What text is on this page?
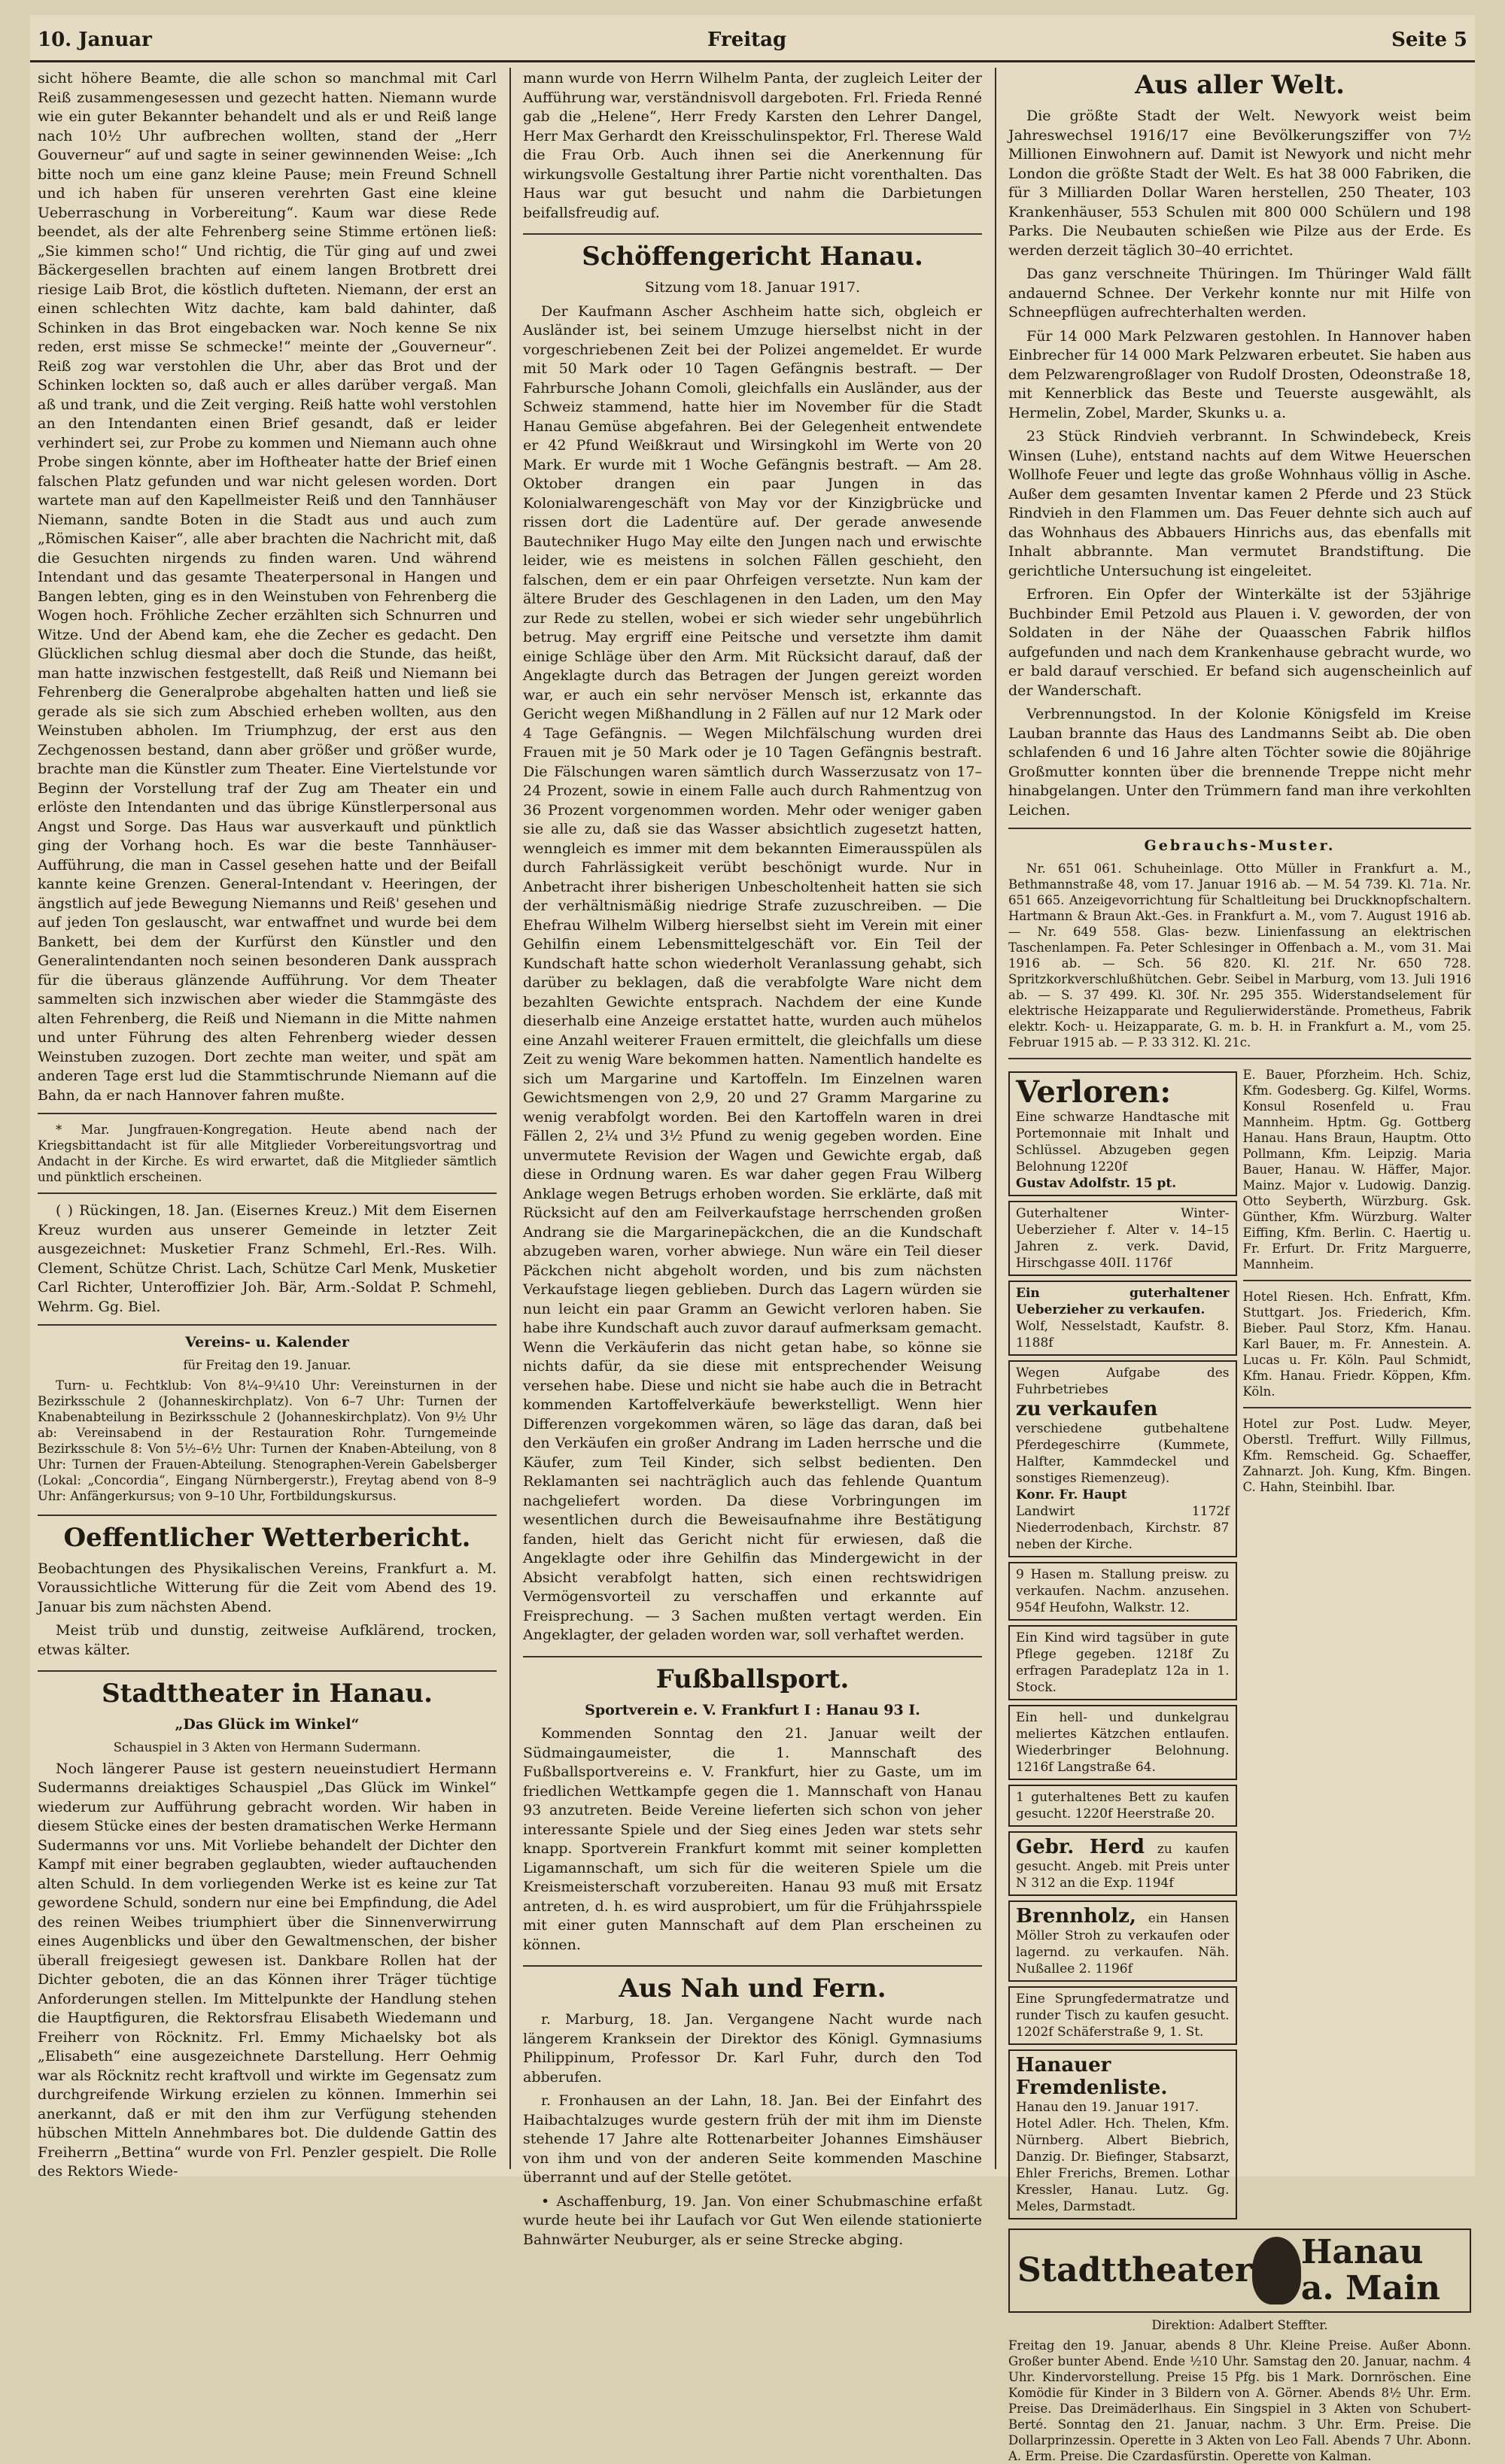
10. Januar	Freitag	Seite 5

sicht höhere Beamte, die alle schon so manchmal mit Carl Reiß zusammengesessen und gezecht hatten. Niemann wurde wie ein guter Bekannter behandelt und als er und Reiß lange nach 10½ Uhr aufbrechen wollten, stand der „Herr Gouverneur“ auf und sagte in seiner gewinnenden Weise: „Ich bitte noch um eine ganz kleine Pause; mein Freund Schnell und ich haben für unseren verehrten Gast eine kleine Ueberraschung in Vorbereitung“. Kaum war diese Rede beendet, als der alte Fehrenberg seine Stimme ertönen ließ: „Sie kimmen scho!“ Und richtig, die Tür ging auf und zwei Bäckergesellen brachten auf einem langen Brotbrett drei riesige Laib Brot, die köstlich dufteten. Niemann, der erst an einen schlechten Witz dachte, kam bald dahinter, daß Schinken in das Brot eingebacken war. Noch kenne Se nix reden, erst misse Se schmecke!“ meinte der „Gouverneur“. Reiß zog war verstohlen die Uhr, aber das Brot und der Schinken lockten so, daß auch er alles darüber vergaß. Man aß und trank, und die Zeit verging. Reiß hatte wohl verstohlen an den Intendanten einen Brief gesandt, daß er leider verhindert sei, zur Probe zu kommen und Niemann auch ohne Probe singen könnte, aber im Hoftheater hatte der Brief einen falschen Platz gefunden und war nicht gelesen worden. Dort wartete man auf den Kapellmeister Reiß und den Tannhäuser Niemann, sandte Boten in die Stadt aus und auch zum „Römischen Kaiser“, alle aber brachten die Nachricht mit, daß die Gesuchten nirgends zu finden waren. Und während Intendant und das gesamte Theaterpersonal in Hangen und Bangen lebten, ging es in den Weinstuben von Fehrenberg die Wogen hoch. Fröhliche Zecher erzählten sich Schnurren und Witze. Und der Abend kam, ehe die Zecher es gedacht. Den Glücklichen schlug diesmal aber doch die Stunde, das heißt, man hatte inzwischen festgestellt, daß Reiß und Niemann bei Fehrenberg die Generalprobe abgehalten hatten und ließ sie gerade als sie sich zum Abschied erheben wollten, aus den Weinstuben abholen. Im Triumphzug, der erst aus den Zechgenossen bestand, dann aber größer und größer wurde, brachte man die Künstler zum Theater. Eine Viertelstunde vor Beginn der Vorstellung traf der Zug am Theater ein und erlöste den Intendanten und das übrige Künstlerpersonal aus Angst und Sorge. Das Haus war ausverkauft und pünktlich ging der Vorhang hoch. Es war die beste Tannhäuser-Aufführung, die man in Cassel gesehen hatte und der Beifall kannte keine Grenzen. General-Intendant v. Heeringen, der ängstlich auf jede Bewegung Niemanns und Reiß' gesehen und auf jeden Ton geslauscht, war entwaffnet und wurde bei dem Bankett, bei dem der Kurfürst den Künstler und den Generalintendanten noch seinen besonderen Dank aussprach für die überaus glänzende Aufführung. Vor dem Theater sammelten sich inzwischen aber wieder die Stammgäste des alten Fehrenberg, die Reiß und Niemann in die Mitte nahmen und unter Führung des alten Fehrenberg wieder dessen Weinstuben zuzogen. Dort zechte man weiter, und spät am anderen Tage erst lud die Stammtischrunde Niemann auf die Bahn, da er nach Hannover fahren mußte.

* Mar. Jungfrauen-Kongregation. Heute abend nach der Kriegsbittandacht ist für alle Mitglieder Vorbereitungsvortrag und Andacht in der Kirche. Es wird erwartet, daß die Mitglieder sämtlich und pünktlich erscheinen.

( ) Rückingen, 18. Jan. (Eisernes Kreuz.) Mit dem Eisernen Kreuz wurden aus unserer Gemeinde in letzter Zeit ausgezeichnet: Musketier Franz Schmehl, Erl.-Res. Wilh. Clement, Schütze Christ. Lach, Schütze Carl Menk, Musketier Carl Richter, Unteroffizier Joh. Bär, Arm.-Soldat P. Schmehl, Wehrm. Gg. Biel.

Vereins- u. Kalender
für Freitag den 19. Januar.

Turn- u. Fechtklub: Von 8¼–9¼10 Uhr: Vereinsturnen in der Bezirksschule 2 (Johanneskirchplatz). Von 6–7 Uhr: Turnen der Knabenabteilung in Bezirksschule 2 (Johanneskirchplatz). Von 9½ Uhr ab: Vereinsabend in der Restauration Rohr. Turngemeinde Bezirksschule 8: Von 5½–6½ Uhr: Turnen der Knaben-Abteilung, von 8 Uhr: Turnen der Frauen-Abteilung. Stenographen-Verein Gabelsberger (Lokal: „Concordia“, Eingang Nürnbergerstr.), Freytag abend von 8–9 Uhr: Anfängerkursus; von 9–10 Uhr, Fortbildungskursus.

Oeffentlicher Wetterbericht.

Beobachtungen des Physikalischen Vereins, Frankfurt a. M. Voraussichtliche Witterung für die Zeit vom Abend des 19. Januar bis zum nächsten Abend.

Meist trüb und dunstig, zeitweise Aufklärend, trocken, etwas kälter.

Stadttheater in Hanau.
„Das Glück im Winkel“
Schauspiel in 3 Akten von Hermann Sudermann.

Noch längerer Pause ist gestern neueinstudiert Hermann Sudermanns dreiaktiges Schauspiel „Das Glück im Winkel“ wiederum zur Aufführung gebracht worden. Wir haben in diesem Stücke eines der besten dramatischen Werke Hermann Sudermanns vor uns. Mit Vorliebe behandelt der Dichter den Kampf mit einer begraben geglaubten, wieder auftauchenden alten Schuld. In dem vorliegenden Werke ist es keine zur Tat gewordene Schuld, sondern nur eine bei Empfindung, die Adel des reinen Weibes triumphiert über die Sinnenverwirrung eines Augenblicks und über den Gewaltmenschen, der bisher überall freigesiegt gewesen ist. Dankbare Rollen hat der Dichter geboten, die an das Können ihrer Träger tüchtige Anforderungen stellen. Im Mittelpunkte der Handlung stehen die Hauptfiguren, die Rektorsfrau Elisabeth Wiedemann und Freiherr von Röcknitz. Frl. Emmy Michaelsky bot als „Elisabeth“ eine ausgezeichnete Darstellung. Herr Oehmig war als Röcknitz recht kraftvoll und wirkte im Gegensatz zum durchgreifende Wirkung erzielen zu können. Immerhin sei anerkannt, daß er mit den ihm zur Verfügung stehenden hübschen Mitteln Annehmbares bot. Die duldende Gattin des Freiherrn „Bettina“ wurde von Frl. Penzler gespielt. Die Rolle des Rektors Wiede-

mann wurde von Herrn Wilhelm Panta, der zugleich Leiter der Aufführung war, verständnisvoll dargeboten. Frl. Frieda Renné gab die „Helene“, Herr Fredy Karsten den Lehrer Dangel, Herr Max Gerhardt den Kreisschulinspektor, Frl. Therese Wald die Frau Orb. Auch ihnen sei die Anerkennung für wirkungsvolle Gestaltung ihrer Partie nicht vorenthalten. Das Haus war gut besucht und nahm die Darbietungen beifallsfreudig auf.

Schöffengericht Hanau.
Sitzung vom 18. Januar 1917.

Der Kaufmann Ascher Aschheim hatte sich, obgleich er Ausländer ist, bei seinem Umzuge hierselbst nicht in der vorgeschriebenen Zeit bei der Polizei angemeldet. Er wurde mit 50 Mark oder 10 Tagen Gefängnis bestraft. — Der Fahrbursche Johann Comoli, gleichfalls ein Ausländer, aus der Schweiz stammend, hatte hier im November für die Stadt Hanau Gemüse abgefahren. Bei der Gelegenheit entwendete er 42 Pfund Weißkraut und Wirsingkohl im Werte von 20 Mark. Er wurde mit 1 Woche Gefängnis bestraft. — Am 28. Oktober drangen ein paar Jungen in das Kolonialwarengeschäft von May vor der Kinzigbrücke und rissen dort die Ladentüre auf. Der gerade anwesende Bautechniker Hugo May eilte den Jungen nach und erwischte leider, wie es meistens in solchen Fällen geschieht, den falschen, dem er ein paar Ohrfeigen versetzte. Nun kam der ältere Bruder des Geschlagenen in den Laden, um den May zur Rede zu stellen, wobei er sich wieder sehr ungebührlich betrug. May ergriff eine Peitsche und versetzte ihm damit einige Schläge über den Arm. Mit Rücksicht darauf, daß der Angeklagte durch das Betragen der Jungen gereizt worden war, er auch ein sehr nervöser Mensch ist, erkannte das Gericht wegen Mißhandlung in 2 Fällen auf nur 12 Mark oder 4 Tage Gefängnis. — Wegen Milchfälschung wurden drei Frauen mit je 50 Mark oder je 10 Tagen Gefängnis bestraft. Die Fälschungen waren sämtlich durch Wasserzusatz von 17–24 Prozent, sowie in einem Falle auch durch Rahmentzug von 36 Prozent vorgenommen worden. Mehr oder weniger gaben sie alle zu, daß sie das Wasser absichtlich zugesetzt hatten, wenngleich es immer mit dem bekannten Eimerausspülen als durch Fahrlässigkeit verübt beschönigt wurde. Nur in Anbetracht ihrer bisherigen Unbescholtenheit hatten sie sich der verhältnismäßig niedrige Strafe zuzuschreiben. — Die Ehefrau Wilhelm Wilberg hierselbst sieht im Verein mit einer Gehilfin einem Lebensmittelgeschäft vor. Ein Teil der Kundschaft hatte schon wiederholt Veranlassung gehabt, sich darüber zu beklagen, daß die verabfolgte Ware nicht dem bezahlten Gewichte entsprach. Nachdem der eine Kunde dieserhalb eine Anzeige erstattet hatte, wurden auch mühelos eine Anzahl weiterer Frauen ermittelt, die gleichfalls um diese Zeit zu wenig Ware bekommen hatten. Namentlich handelte es sich um Margarine und Kartoffeln. Im Einzelnen waren Gewichtsmengen von 2,9, 20 und 27 Gramm Margarine zu wenig verabfolgt worden. Bei den Kartoffeln waren in drei Fällen 2, 2¼ und 3½ Pfund zu wenig gegeben worden. Eine unvermutete Revision der Wagen und Gewichte ergab, daß diese in Ordnung waren. Es war daher gegen Frau Wilberg Anklage wegen Betrugs erhoben worden. Sie erklärte, daß mit Rücksicht auf den am Feilverkaufstage herrschenden großen Andrang sie die Margarinepäckchen, die an die Kundschaft abzugeben waren, vorher abwiege. Nun wäre ein Teil dieser Päckchen nicht abgeholt worden, und bis zum nächsten Verkaufstage liegen geblieben. Durch das Lagern würden sie nun leicht ein paar Gramm an Gewicht verloren haben. Sie habe ihre Kundschaft auch zuvor darauf aufmerksam gemacht. Wenn die Verkäuferin das nicht getan habe, so könne sie nichts dafür, da sie diese mit entsprechender Weisung versehen habe. Diese und nicht sie habe auch die in Betracht kommenden Kartoffelverkäufe bewerkstelligt. Wenn hier Differenzen vorgekommen wären, so läge das daran, daß bei den Verkäufen ein großer Andrang im Laden herrsche und die Käufer, zum Teil Kinder, sich selbst bedienten. Den Reklamanten sei nachträglich auch das fehlende Quantum nachgeliefert worden. Da diese Vorbringungen im wesentlichen durch die Beweisaufnahme ihre Bestätigung fanden, hielt das Gericht nicht für erwiesen, daß die Angeklagte oder ihre Gehilfin das Mindergewicht in der Absicht verabfolgt hatten, sich einen rechtswidrigen Vermögensvorteil zu verschaffen und erkannte auf Freisprechung. — 3 Sachen mußten vertagt werden. Ein Angeklagter, der geladen worden war, soll verhaftet werden.

Fußballsport.
Sportverein e. V. Frankfurt I : Hanau 93 I.

Kommenden Sonntag den 21. Januar weilt der Südmaingaumeister, die 1. Mannschaft des Fußballsportvereins e. V. Frankfurt, hier zu Gaste, um im friedlichen Wettkampfe gegen die 1. Mannschaft von Hanau 93 anzutreten. Beide Vereine lieferten sich schon von jeher interessante Spiele und der Sieg eines Jeden war stets sehr knapp. Sportverein Frankfurt kommt mit seiner kompletten Ligamannschaft, um sich für die weiteren Spiele um die Kreismeisterschaft vorzubereiten. Hanau 93 muß mit Ersatz antreten, d. h. es wird ausprobiert, um für die Frühjahrsspiele mit einer guten Mannschaft auf dem Plan erscheinen zu können.

Aus Nah und Fern.

r. Marburg, 18. Jan. Vergangene Nacht wurde nach längerem Kranksein der Direktor des Königl. Gymnasiums Philippinum, Professor Dr. Karl Fuhr, durch den Tod abberufen.

r. Fronhausen an der Lahn, 18. Jan. Bei der Einfahrt des Haibachtalzuges wurde gestern früh der mit ihm im Dienste stehende 17 Jahre alte Rottenarbeiter Johannes Eimshäuser von ihm und von der anderen Seite kommenden Maschine überrannt und auf der Stelle getötet.

• Aschaffenburg, 19. Jan. Von einer Schubmaschine erfaßt wurde heute bei ihr Laufach vor Gut Wen eilende stationierte Bahnwärter Neuburger, als er seine Strecke abging.

Aus aller Welt.

Die größte Stadt der Welt. Newyork weist beim Jahreswechsel 1916/17 eine Bevölkerungsziffer von 7½ Millionen Einwohnern auf. Damit ist Newyork und nicht mehr London die größte Stadt der Welt. Es hat 38 000 Fabriken, die für 3 Milliarden Dollar Waren herstellen, 250 Theater, 103 Krankenhäuser, 553 Schulen mit 800 000 Schülern und 198 Parks. Die Neubauten schießen wie Pilze aus der Erde. Es werden derzeit täglich 30–40 errichtet.

Das ganz verschneite Thüringen. Im Thüringer Wald fällt andauernd Schnee. Der Verkehr konnte nur mit Hilfe von Schneepflügen aufrechterhalten werden.

Für 14 000 Mark Pelzwaren gestohlen. In Hannover haben Einbrecher für 14 000 Mark Pelzwaren erbeutet. Sie haben aus dem Pelzwarengroßlager von Rudolf Drosten, Odeonstraße 18, mit Kennerblick das Beste und Teuerste ausgewählt, als Hermelin, Zobel, Marder, Skunks u. a.

23 Stück Rindvieh verbrannt. In Schwindebeck, Kreis Winsen (Luhe), entstand nachts auf dem Witwe Heuerschen Wollhofe Feuer und legte das große Wohnhaus völlig in Asche. Außer dem gesamten Inventar kamen 2 Pferde und 23 Stück Rindvieh in den Flammen um. Das Feuer dehnte sich auch auf das Wohnhaus des Abbauers Hinrichs aus, das ebenfalls mit Inhalt abbrannte. Man vermutet Brandstiftung. Die gerichtliche Untersuchung ist eingeleitet.

Erfroren. Ein Opfer der Winterkälte ist der 53jährige Buchbinder Emil Petzold aus Plauen i. V. geworden, der von Soldaten in der Nähe der Quaasschen Fabrik hilflos aufgefunden und nach dem Krankenhause gebracht wurde, wo er bald darauf verschied. Er befand sich augenscheinlich auf der Wanderschaft.

Verbrennungstod. In der Kolonie Königsfeld im Kreise Lauban brannte das Haus des Landmanns Seibt ab. Die oben schlafenden 6 und 16 Jahre alten Töchter sowie die 80jährige Großmutter konnten über die brennende Treppe nicht mehr hinabgelangen. Unter den Trümmern fand man ihre verkohlten Leichen.

Gebrauchs-Muster.

Nr. 651 061. Schuheinlage. Otto Müller in Frankfurt a. M., Bethmannstraße 48, vom 17. Januar 1916 ab. — M. 54 739. Kl. 71a. Nr. 651 665. Anzeigevorrichtung für Schaltleitung bei Druckknopfschaltern. Hartmann & Braun Akt.-Ges. in Frankfurt a. M., vom 7. August 1916 ab. — Nr. 649 558. Glas- bezw. Linienfassung an elektrischen Taschenlampen. Fa. Peter Schlesinger in Offenbach a. M., vom 31. Mai 1916 ab. — Sch. 56 820. Kl. 21f. Nr. 650 728. Spritzkorkverschlußhütchen. Gebr. Seibel in Marburg, vom 13. Juli 1916 ab. — S. 37 499. Kl. 30f. Nr. 295 355. Widerstandselement für elektrische Heizapparate und Regulierwiderstände. Prometheus, Fabrik elektr. Koch- u. Heizapparate, G. m. b. H. in Frankfurt a. M., vom 25. Februar 1915 ab. — P. 33 312. Kl. 21c.

Verloren:
Eine schwarze Handtasche mit Portemonnaie mit Inhalt und Schlüssel. Abzugeben gegen Belohnung 1220f
Gustav Adolfstr. 15 pt.
Guterhaltener Winter-Ueberzieher f. Alter v. 14–15 Jahren z. verk. David, Hirschgasse 40II. 1176f
Ein guterhaltener Ueberzieher zu verkaufen.
Wolf, Nesselstadt, Kaufstr. 8. 1188f
Wegen Aufgabe des Fuhrbetriebes
zu verkaufen
verschiedene gutbehaltene Pferdegeschirre (Kummete, Halfter, Kammdeckel und sonstiges Riemenzeug).
Konr. Fr. Haupt
Landwirt 1172f Niederrodenbach, Kirchstr. 87 neben der Kirche.
9 Hasen m. Stallung preisw. zu verkaufen. Nachm. anzusehen. 954f Heufohn, Walkstr. 12.
Ein Kind wird tagsüber in gute Pflege gegeben. 1218f Zu erfragen Paradeplatz 12a in 1. Stock.
Ein hell- und dunkelgrau meliertes Kätzchen entlaufen. Wiederbringer Belohnung. 1216f Langstraße 64.
1 guterhaltenes Bett zu kaufen gesucht. 1220f Heerstraße 20.
Gebr. Herd zu kaufen gesucht. Angeb. mit Preis unter N 312 an die Exp. 1194f
Brennholz, ein Hansen Möller Stroh zu verkaufen oder lagernd. zu verkaufen. Näh. Nußallee 2. 1196f
Eine Sprungfedermatratze und runder Tisch zu kaufen gesucht. 1202f Schäferstraße 9, 1. St.
Hanauer Fremdenliste.
Hanau den 19. Januar 1917.
Hotel Adler. Hch. Thelen, Kfm. Nürnberg. Albert Biebrich, Danzig. Dr. Biefinger, Stabsarzt, Ehler Frerichs, Bremen. Lothar Kressler, Hanau. Lutz. Gg. Meles, Darmstadt.
E. Bauer, Pforzheim. Hch. Schiz, Kfm. Godesberg. Gg. Kilfel, Worms. Konsul Rosenfeld u. Frau Mannheim. Hptm. Gg. Gottberg Hanau. Hans Braun, Hauptm. Otto Pollmann, Kfm. Leipzig. Maria Bauer, Hanau. W. Häffer, Major. Mainz. Major v. Ludowig. Danzig. Otto Seyberth, Würzburg. Gsk. Günther, Kfm. Würzburg. Walter Eiffing, Kfm. Berlin. C. Haertig u. Fr. Erfurt. Dr. Fritz Marguerre, Mannheim.
Hotel Riesen. Hch. Enfratt, Kfm. Stuttgart. Jos. Friederich, Kfm. Bieber. Paul Storz, Kfm. Hanau. Karl Bauer, m. Fr. Annestein. A. Lucas u. Fr. Köln. Paul Schmidt, Kfm. Hanau. Friedr. Köppen, Kfm. Köln.
Hotel zur Post. Ludw. Meyer, Oberstl. Treffurt. Willy Fillmus, Kfm. Remscheid. Gg. Schaeffer, Zahnarzt. Joh. Kung, Kfm. Bingen. C. Hahn, Steinbihl. Ibar.
Stadttheater Hanau a. Main
Direktion: Adalbert Steffter.

Freitag den 19. Januar, abends 8 Uhr. Kleine Preise. Außer Abonn. Großer bunter Abend. Ende ½10 Uhr. Samstag den 20. Januar, nachm. 4 Uhr. Kindervorstellung. Preise 15 Pfg. bis 1 Mark. Dornröschen. Eine Komödie für Kinder in 3 Bildern von A. Görner. Abends 8½ Uhr. Erm. Preise. Das Dreimäderlhaus. Ein Singspiel in 3 Akten von Schubert-Berté. Sonntag den 21. Januar, nachm. 3 Uhr. Erm. Preise. Die Dollarprinzessin. Operette in 3 Akten von Leo Fall. Abends 7 Uhr. Abonn. A. Erm. Preise. Die Czardasfürstin. Operette von Kalman.
